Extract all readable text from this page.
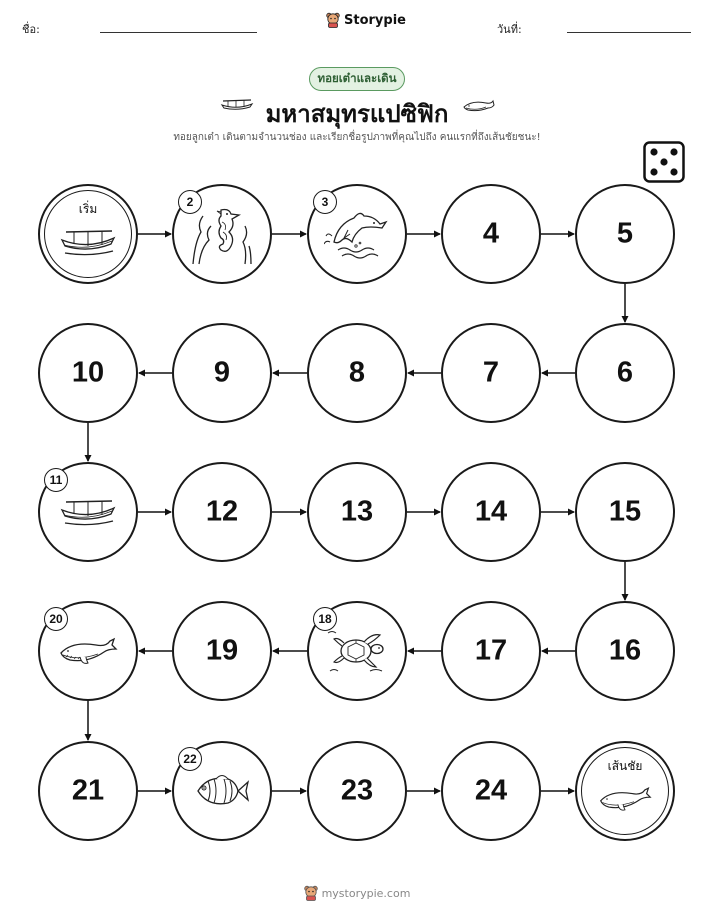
ชื่อ:
Storypie
วันที่:
ทอยเต๋าและเดิน
มหาสมุทรแปซิฟิก
ทอยลูกเต๋า เดินตามจำนวนช่อง และเรียกชื่อรูปภาพที่คุณไปถึง คนแรกที่ถึงเส้นชัยชนะ!
เริ่ม	2	3
4	5
6
7
8
9
10
11
12	13	14	15
16
17
18
19
20
21
22
23	24
เส้นชัย
mystorypie.com
